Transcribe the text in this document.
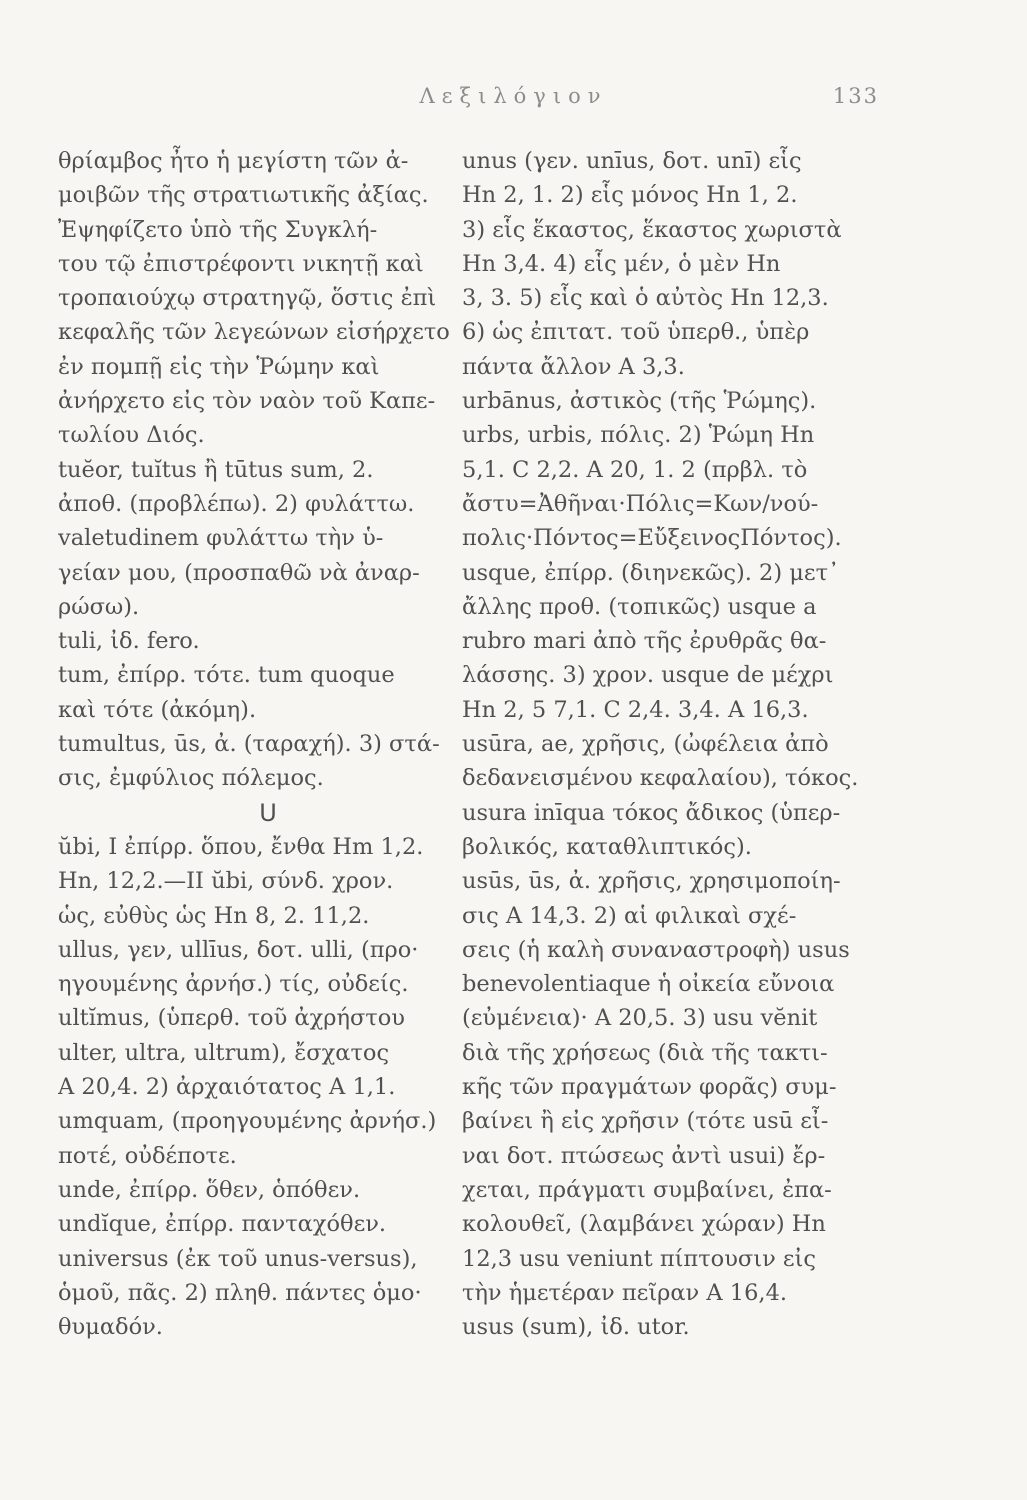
Λεξιλόγιον	133
θρίαμβος ἦτο ἡ μεγίστη τῶν ἀ-
μοιβῶν τῆς στρατιωτικῆς ἀξίας.
Ἐψηφίζετο ὑπὸ τῆς Συγκλή-
του τῷ ἐπιστρέφοντι νικητῇ καὶ
τροπαιούχῳ στρατηγῷ, ὅστις ἐπὶ
κεφαλῆς τῶν λεγεώνων εἰσήρχετο
ἐν πομπῇ εἰς τὴν Ῥώμην καὶ
ἀνήρχετο εἰς τὸν ναὸν τοῦ Καπε-
τωλίου Διός.
tuĕor, tuĭtus ἢ tūtus sum, 2.
ἀποθ. (προβλέπω). 2) φυλάττω.
valetudinem φυλάττω τὴν ὑ-
γείαν μου, (προσπαθῶ νὰ ἀναρ-
ρώσω).
tuli, ἰδ. fero.
tum, ἐπίρρ. τότε. tum quoque
καὶ τότε (ἀκόμη).
tumultus, ūs, ἀ. (ταραχή). 3) στά-
σις, ἐμφύλιος πόλεμος.
U
ŭbi, I ἐπίρρ. ὅπου, ἔνθα Hm 1,2.
Hn, 12,2.—II ŭbi, σύνδ. χρον.
ὡς, εὐθὺς ὡς Hn 8, 2. 11,2.
ullus, γεν, ullīus, δοτ. ulli, (προ·
ηγουμένης ἀρνήσ.) τίς, οὐδείς.
ultĭmus, (ὑπερθ. τοῦ ἀχρήστου
ulter, ultra, ultrum), ἔσχατος
A 20,4. 2) ἀρχαιότατος A 1,1.
umquam, (προηγουμένης ἀρνήσ.)
ποτέ, οὐδέποτε.
unde, ἐπίρρ. ὅθεν, ὁπόθεν.
undĭque, ἐπίρρ. πανταχόθεν.
universus (ἐκ τοῦ unus-versus),
ὁμοῦ, πᾶς. 2) πληθ. πάντες ὁμο·
θυμαδόν.
unus (γεν. unīus, δοτ. unī) εἷς
Hn 2, 1. 2) εἷς μόνος Hn 1, 2.
3) εἷς ἕκαστος, ἕκαστος χωριστὰ
Hn 3,4. 4) εἷς μέν, ὁ μὲν Hn
3, 3. 5) εἷς καὶ ὁ αὐτὸς Hn 12,3.
6) ὡς ἐπιτατ. τοῦ ὑπερθ., ὑπὲρ
πάντα ἄλλον A 3,3.
urbānus, ἀστικὸς (τῆς Ῥώμης).
urbs, urbis, πόλις. 2) Ῥώμη Hn
5,1. C 2,2. A 20, 1. 2 (πρβλ. τὸ
ἄστυ=Ἀθῆναι·Πόλις=Κων/νού-
πολις·Πόντος=ΕὔξεινοςΠόντος).
usque, ἐπίρρ. (διηνεκῶς). 2) μετ᾿
ἄλλης προθ. (τοπικῶς) usque a
rubro mari ἀπὸ τῆς ἐρυθρᾶς θα-
λάσσης. 3) χρον. usque de μέχρι
Hn 2, 5 7,1. C 2,4. 3,4. A 16,3.
usūra, ae, χρῆσις, (ὠφέλεια ἀπὸ
δεδανεισμένου κεφαλαίου), τόκος.
usura inīqua τόκος ἄδικος (ὑπερ-
βολικός, καταθλιπτικός).
usūs, ūs, ἀ. χρῆσις, χρησιμοποίη-
σις A 14,3. 2) αἱ φιλικαὶ σχέ-
σεις (ἡ καλὴ συναναστροφὴ) usus
benevolentiaque ἡ οἰκεία εὔνοια
(εὐμένεια)· A 20,5. 3) usu vĕnit
διὰ τῆς χρήσεως (διὰ τῆς τακτι-
κῆς τῶν πραγμάτων φορᾶς) συμ-
βαίνει ἢ εἰς χρῆσιν (τότε usū εἶ-
ναι δοτ. πτώσεως ἀντὶ usui) ἔρ-
χεται, πράγματι συμβαίνει, ἐπα-
κολουθεῖ, (λαμβάνει χώραν) Hn
12,3 usu veniunt πίπτουσιν εἰς
τὴν ἡμετέραν πεῖραν A 16,4.
usus (sum), ἰδ. utor.
